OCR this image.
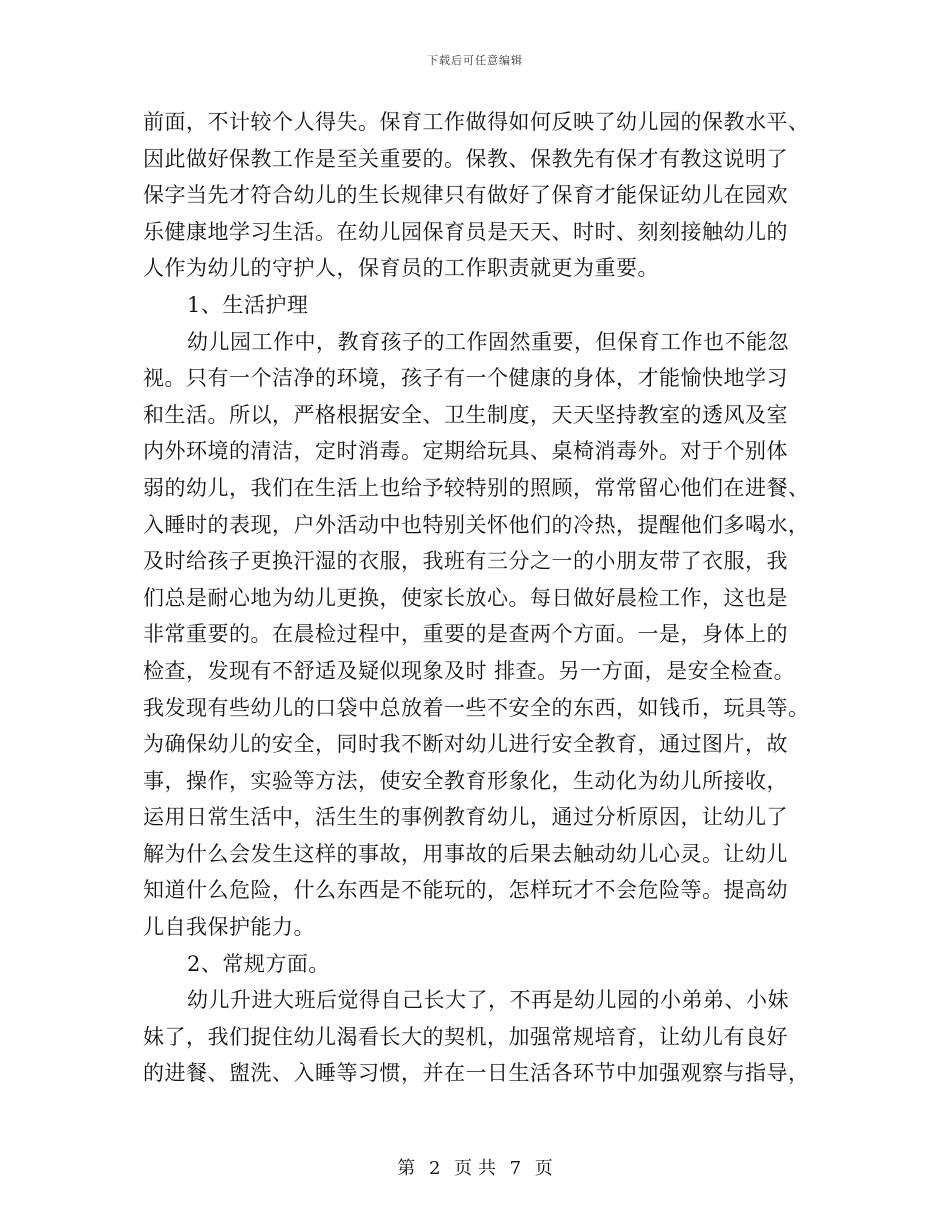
下载后可任意编辑
前面，不计较个人得失。保育工作做得如何反映了幼儿园的保教水平、
因此做好保教工作是至关重要的。保教、保教先有保才有教这说明了
保字当先才符合幼儿的生长规律只有做好了保育才能保证幼儿在园欢
乐健康地学习生活。在幼儿园保育员是天天、时时、刻刻接触幼儿的
人作为幼儿的守护人，保育员的工作职责就更为重要。
1、生活护理
幼儿园工作中，教育孩子的工作固然重要，但保育工作也不能忽
视。只有一个洁净的环境，孩子有一个健康的身体，才能愉快地学习
和生活。所以，严格根据安全、卫生制度，天天坚持教室的透风及室
内外环境的清洁，定时消毒。定期给玩具、桌椅消毒外。对于个别体
弱的幼儿，我们在生活上也给予较特别的照顾，常常留心他们在进餐、
入睡时的表现，户外活动中也特别关怀他们的冷热，提醒他们多喝水，
及时给孩子更换汗湿的衣服，我班有三分之一的小朋友带了衣服，我
们总是耐心地为幼儿更换，使家长放心。每日做好晨检工作，这也是
非常重要的。在晨检过程中，重要的是查两个方面。一是，身体上的
检查，发现有不舒适及疑似现象及时 排查。另一方面，是安全检查。
我发现有些幼儿的口袋中总放着一些不安全的东西，如钱币，玩具等。
为确保幼儿的安全，同时我不断对幼儿进行安全教育，通过图片，故
事，操作，实验等方法，使安全教育形象化，生动化为幼儿所接收，
运用日常生活中，活生生的事例教育幼儿，通过分析原因，让幼儿了
解为什么会发生这样的事故，用事故的后果去触动幼儿心灵。让幼儿
知道什么危险，什么东西是不能玩的，怎样玩才不会危险等。提高幼
儿自我保护能力。
2、常规方面。
幼儿升进大班后觉得自己长大了，不再是幼儿园的小弟弟、小妹
妹了，我们捉住幼儿渴看长大的契机，加强常规培育，让幼儿有良好
的进餐、盥洗、入睡等习惯，并在一日生活各环节中加强观察与指导，
第 2 页 共 7 页
